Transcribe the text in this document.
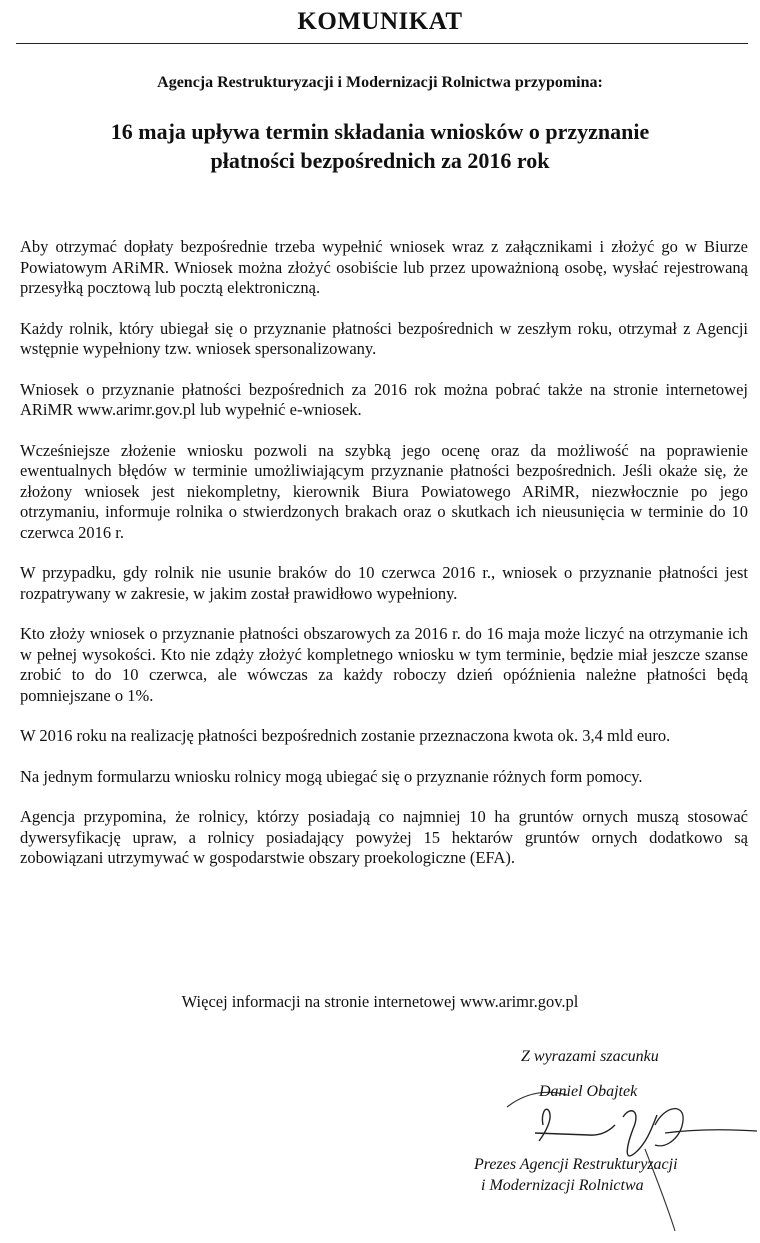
KOMUNIKAT
Agencja Restrukturyzacji i Modernizacji Rolnictwa przypomina:
16 maja upływa termin składania wniosków o przyznanie
płatności bezpośrednich za 2016 rok

Aby otrzymać dopłaty bezpośrednie trzeba wypełnić wniosek wraz z załącznikami i złożyć go w Biurze Powiatowym ARiMR. Wniosek można złożyć osobiście lub przez upoważnioną osobę, wysłać rejestrowaną przesyłką pocztową lub pocztą elektroniczną.

Każdy rolnik, który ubiegał się o przyznanie płatności bezpośrednich w zeszłym roku, otrzymał z Agencji wstępnie wypełniony tzw. wniosek spersonalizowany.

Wniosek o przyznanie płatności bezpośrednich za 2016 rok można pobrać także na stronie internetowej ARiMR www.arimr.gov.pl lub wypełnić e-wniosek.

Wcześniejsze złożenie wniosku pozwoli na szybką jego ocenę oraz da możliwość na poprawienie ewentualnych błędów w terminie umożliwiającym przyznanie płatności bezpośrednich. Jeśli okaże się, że złożony wniosek jest niekompletny, kierownik Biura Powiatowego ARiMR, niezwłocznie po jego otrzymaniu, informuje rolnika o stwierdzonych brakach oraz o skutkach ich nieusunięcia w terminie do 10 czerwca 2016 r.

W przypadku, gdy rolnik nie usunie braków do 10 czerwca 2016 r., wniosek o przyznanie płatności jest rozpatrywany w zakresie, w jakim został prawidłowo wypełniony.

Kto złoży wniosek o przyznanie płatności obszarowych za 2016 r. do 16 maja może liczyć na otrzymanie ich w pełnej wysokości. Kto nie zdąży złożyć kompletnego wniosku w tym terminie, będzie miał jeszcze szanse zrobić to do 10 czerwca, ale wówczas za każdy roboczy dzień opóźnienia należne płatności będą pomniejszane o 1%.

W 2016 roku na realizację płatności bezpośrednich zostanie przeznaczona kwota ok. 3,4 mld euro.

Na jednym formularzu wniosku rolnicy mogą ubiegać się o przyznanie różnych form pomocy.

Agencja przypomina, że rolnicy, którzy posiadają co najmniej 10 ha gruntów ornych muszą stosować dywersyfikację upraw, a rolnicy posiadający powyżej 15 hektarów gruntów ornych dodatkowo są zobowiązani utrzymywać w gospodarstwie obszary proekologiczne (EFA).

Więcej informacji na stronie internetowej www.arimr.gov.pl
Z wyrazami szacunku
Daniel Obajtek
Prezes Agencji Restrukturyzacji
i Modernizacji Rolnictwa
